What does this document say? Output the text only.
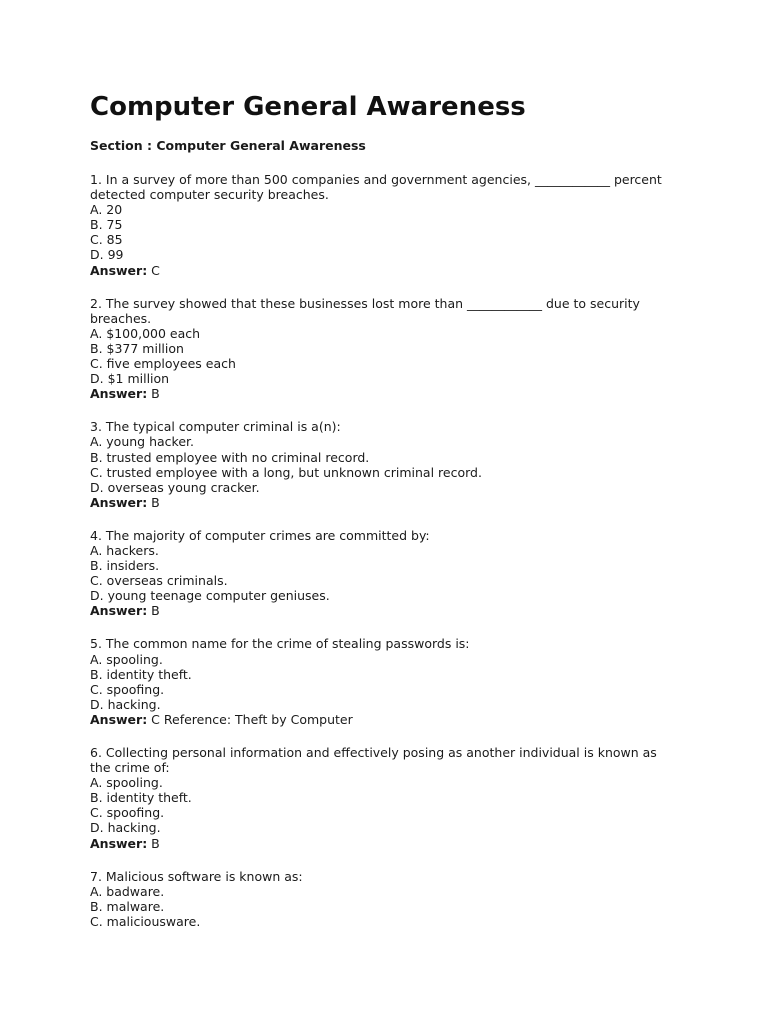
Computer General Awareness
Section : Computer General Awareness
1. In a survey of more than 500 companies and government agencies, ____________ percent detected computer security breaches.
A. 20
B. 75
C. 85
D. 99
Answer: C
2. The survey showed that these businesses lost more than ____________ due to security breaches.
A. $100,000 each
B. $377 million
C. five employees each
D. $1 million
Answer: B
3. The typical computer criminal is a(n):
A. young hacker.
B. trusted employee with no criminal record.
C. trusted employee with a long, but unknown criminal record.
D. overseas young cracker.
Answer: B
4. The majority of computer crimes are committed by:
A. hackers.
B. insiders.
C. overseas criminals.
D. young teenage computer geniuses.
Answer: B
5. The common name for the crime of stealing passwords is:
A. spooling.
B. identity theft.
C. spoofing.
D. hacking.
Answer: C Reference: Theft by Computer
6. Collecting personal information and effectively posing as another individual is known as the crime of:
A. spooling.
B. identity theft.
C. spoofing.
D. hacking.
Answer: B
7. Malicious software is known as:
A. badware.
B. malware.
C. maliciousware.
